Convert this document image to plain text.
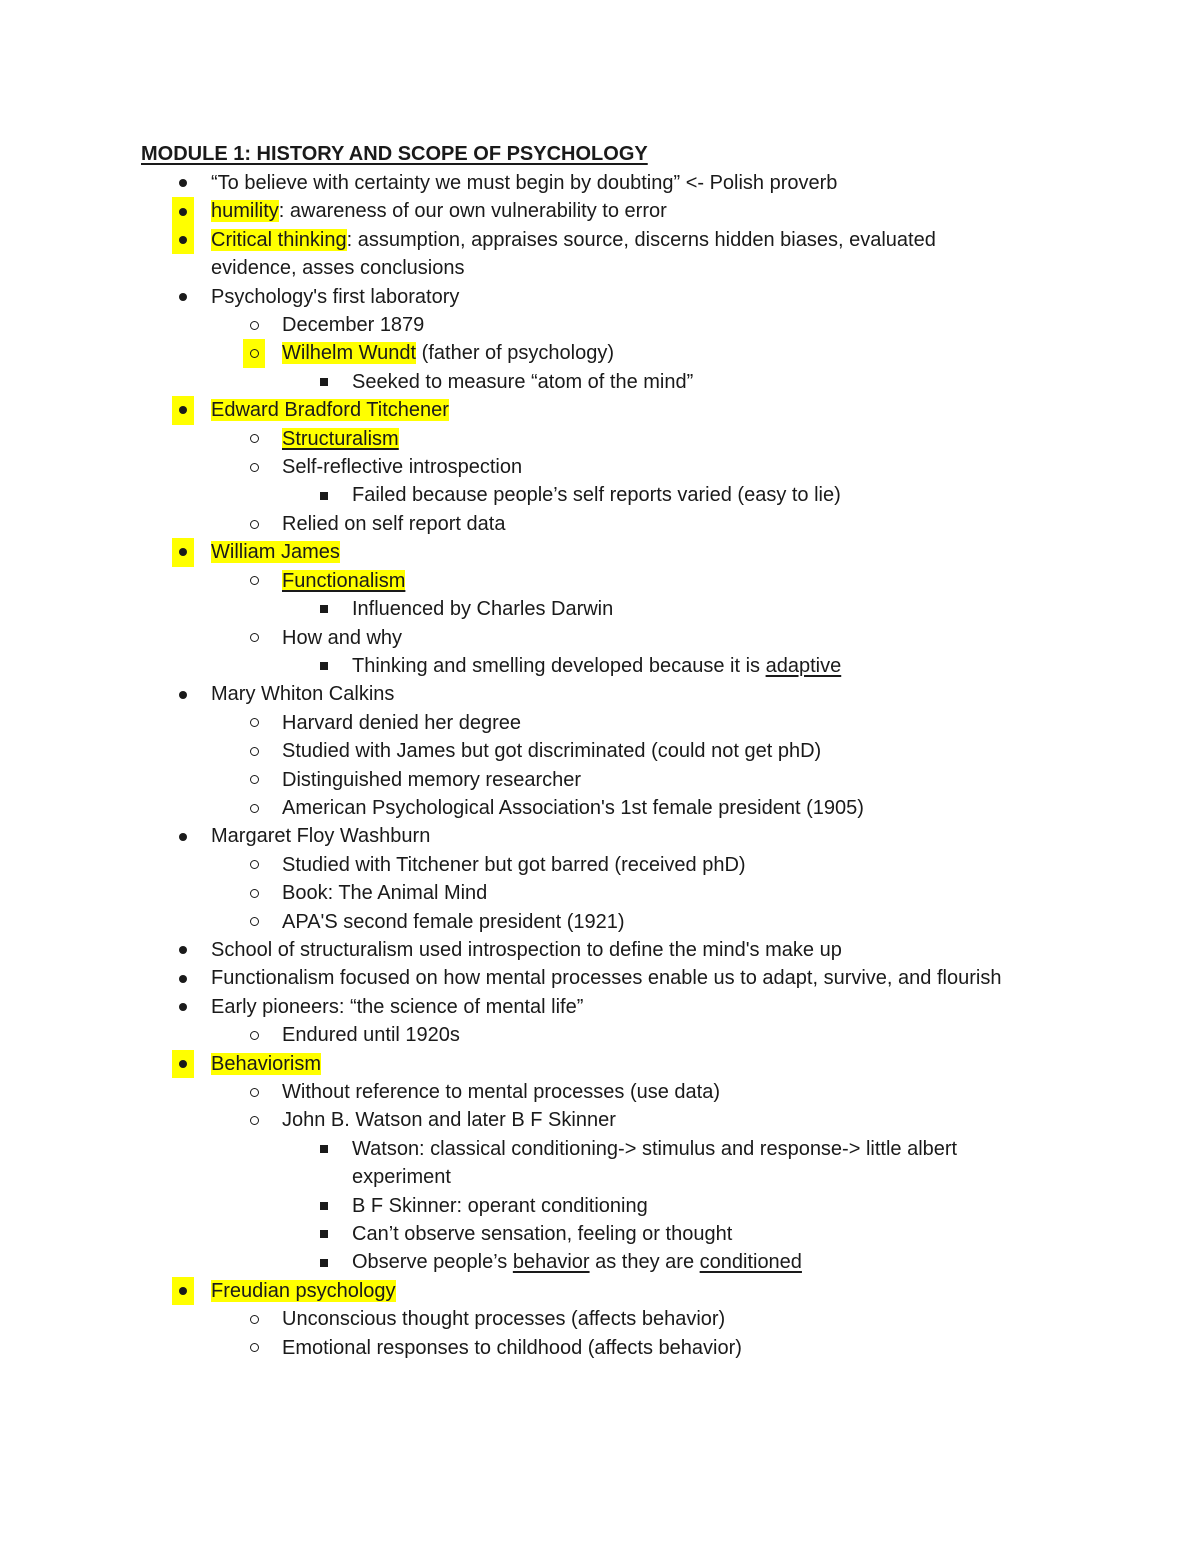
MODULE 1: HISTORY AND SCOPE OF PSYCHOLOGY
“To believe with certainty we must begin by doubting” <- Polish proverb
humility: awareness of our own vulnerability to error
Critical thinking: assumption, appraises source, discerns hidden biases, evaluated evidence, asses conclusions
Psychology's first laboratory
December 1879
Wilhelm Wundt (father of psychology)
Seeked to measure “atom of the mind”
Edward Bradford Titchener
Structuralism
Self-reflective introspection
Failed because people’s self reports varied (easy to lie)
Relied on self report data
William James
Functionalism
Influenced by Charles Darwin
How and why
Thinking and smelling developed because it is adaptive
Mary Whiton Calkins
Harvard denied her degree
Studied with James but got discriminated (could not get phD)
Distinguished memory researcher
American Psychological Association's 1st female president (1905)
Margaret Floy Washburn
Studied with Titchener but got barred (received phD)
Book: The Animal Mind
APA'S second female president (1921)
School of structuralism used introspection to define the mind's make up
Functionalism focused on how mental processes enable us to adapt, survive, and flourish
Early pioneers: “the science of mental life”
Endured until 1920s
Behaviorism
Without reference to mental processes (use data)
John B. Watson and later B F Skinner
Watson: classical conditioning-> stimulus and response-> little albert experiment
B F Skinner: operant conditioning
Can’t observe sensation, feeling or thought
Observe people’s behavior as they are conditioned
Freudian psychology
Unconscious thought processes (affects behavior)
Emotional responses to childhood (affects behavior)
